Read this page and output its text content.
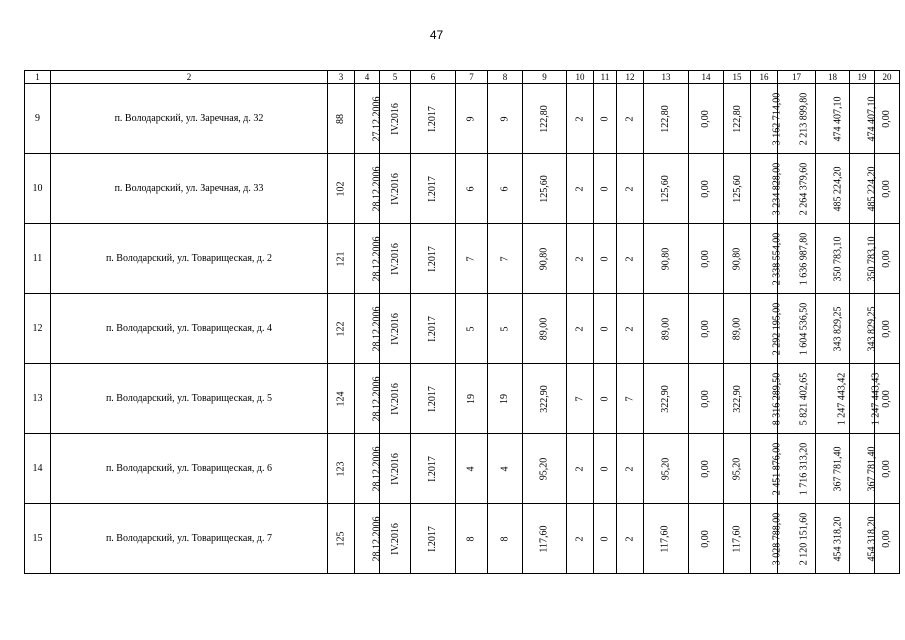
47
1	2	3	4	5	6	7	8	9	10	11	12	13	14	15	16	17	18	19	20
9	п. Володарский, ул. Заречная, д. 32	88	27.12.2006	IV.2016	I.2017	9	9	122,80	2	0	2	122,80	0,00	122,80	3 162 714,00	2 213 899,80	474 407,10	474 407,10	0,00
10	п. Володарский, ул. Заречная, д. 33	102	28.12.2006	IV.2016	I.2017	6	6	125,60	2	0	2	125,60	0,00	125,60	3 234 828,00	2 264 379,60	485 224,20	485 224,20	0,00
11	п. Володарский, ул. Товарищеская, д. 2	121	28.12.2006	IV.2016	I.2017	7	7	90,80	2	0	2	90,80	0,00	90,80	2 338 554,00	1 636 987,80	350 783,10	350 783,10	0,00
12	п. Володарский, ул. Товарищеская, д. 4	122	28.12.2006	IV.2016	I.2017	5	5	89,00	2	0	2	89,00	0,00	89,00	2 292 195,00	1 604 536,50	343 829,25	343 829,25	0,00
13	п. Володарский, ул. Товарищеская, д. 5	124	28.12.2006	IV.2016	I.2017	19	19	322,90	7	0	7	322,90	0,00	322,90	8 316 289,50	5 821 402,65	1 247 443,42	1 247 443,43	0,00
14	п. Володарский, ул. Товарищеская, д. 6	123	28.12.2006	IV.2016	I.2017	4	4	95,20	2	0	2	95,20	0,00	95,20	2 451 876,00	1 716 313,20	367 781,40	367 781,40	0,00
15	п. Володарский, ул. Товарищеская, д. 7	125	28.12.2006	IV.2016	I.2017	8	8	117,60	2	0	2	117,60	0,00	117,60	3 028 788,00	2 120 151,60	454 318,20	454 318,20	0,00
